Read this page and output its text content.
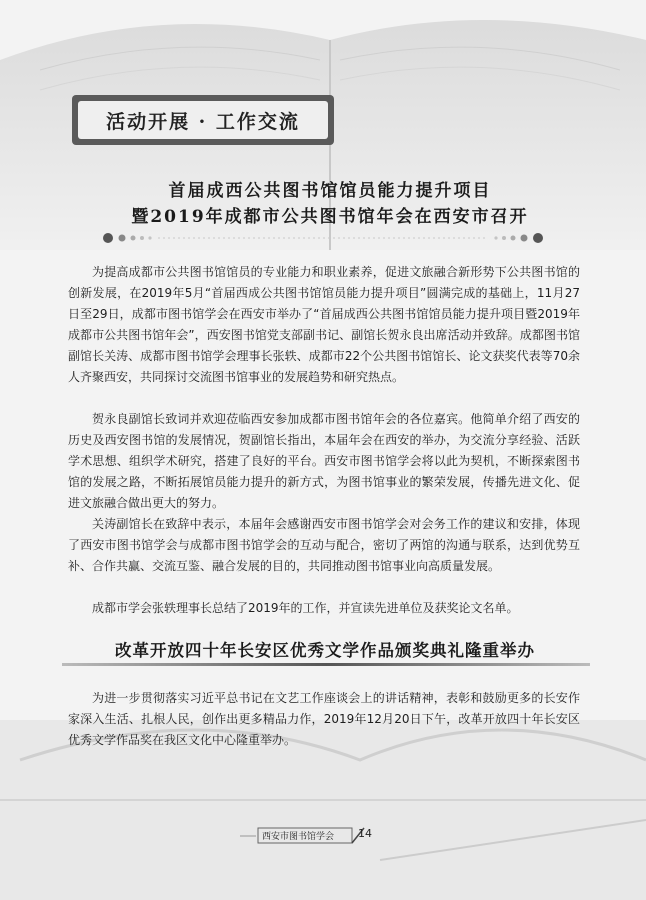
活动开展 · 工作交流
首届成西公共图书馆馆员能力提升项目
暨2019年成都市公共图书馆年会在西安市召开

为提高成都市公共图书馆馆员的专业能力和职业素养，促进文旅融合新形势下公共图书馆的创新发展，在2019年5月“首届西成公共图书馆馆员能力提升项目”圆满完成的基础上，11月27日至29日，成都市图书馆学会在西安市举办了“首届成西公共图书馆馆员能力提升项目暨2019年成都市公共图书馆年会”，西安图书馆党支部副书记、副馆长贺永良出席活动并致辞。成都图书馆副馆长关涛、成都市图书馆学会理事长张轶、成都市22个公共图书馆馆长、论文获奖代表等70余人齐聚西安，共同探讨交流图书馆事业的发展趋势和研究热点。

贺永良副馆长致词并欢迎莅临西安参加成都市图书馆年会的各位嘉宾。他简单介绍了西安的历史及西安图书馆的发展情况，贺副馆长指出，本届年会在西安的举办，为交流分享经验、活跃学术思想、组织学术研究，搭建了良好的平台。西安市图书馆学会将以此为契机，不断探索图书馆的发展之路，不断拓展馆员能力提升的新方式，为图书馆事业的繁荣发展，传播先进文化、促进文旅融合做出更大的努力。

关涛副馆长在致辞中表示，本届年会感谢西安市图书馆学会对会务工作的建议和安排，体现了西安市图书馆学会与成都市图书馆学会的互动与配合，密切了两馆的沟通与联系，达到优势互补、合作共赢、交流互鉴、融合发展的目的，共同推动图书馆事业向高质量发展。

成都市学会张轶理事长总结了2019年的工作，并宣读先进单位及获奖论文名单。

改革开放四十年长安区优秀文学作品颁奖典礼隆重举办

为进一步贯彻落实习近平总书记在文艺工作座谈会上的讲话精神，表彰和鼓励更多的长安作家深入生活、扎根人民，创作出更多精品力作，2019年12月20日下午，改革开放四十年长安区优秀文学作品奖在我区文化中心隆重举办。

西安市图书馆学会 14
